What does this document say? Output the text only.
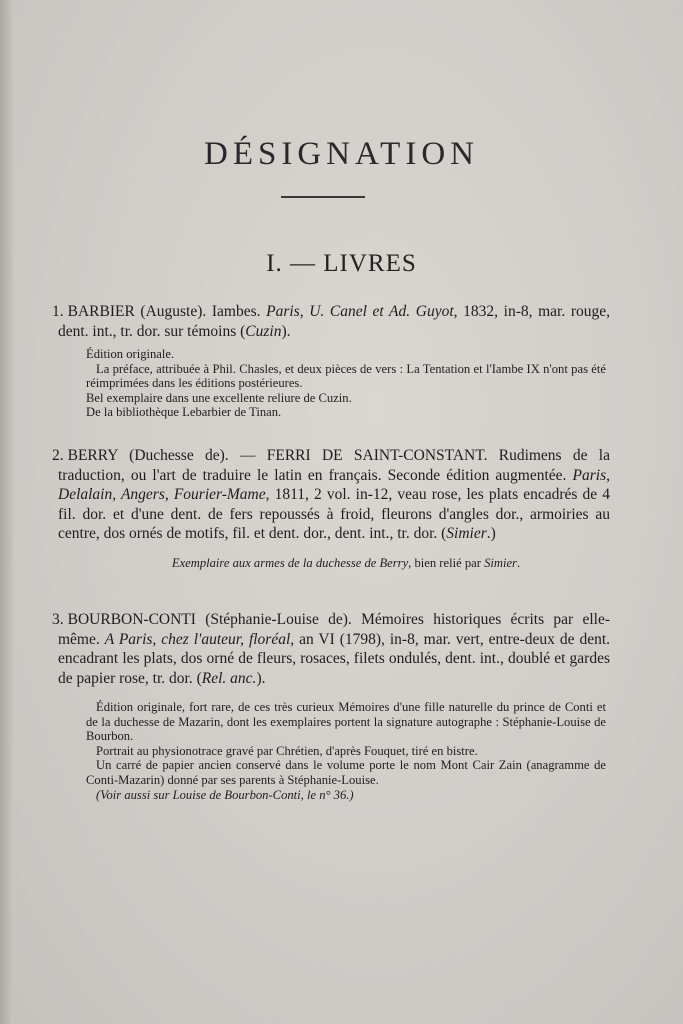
DÉSIGNATION
I. — LIVRES

1. BARBIER (Auguste). Iambes. Paris, U. Canel et Ad. Guyot, 1832, in-8, mar. rouge, dent. int., tr. dor. sur témoins (Cuzin).

Édition originale.

La préface, attribuée à Phil. Chasles, et deux pièces de vers : La Tentation et l'Iambe IX n'ont pas été réimprimées dans les éditions postérieures.

Bel exemplaire dans une excellente reliure de Cuzin.

De la bibliothèque Lebarbier de Tinan.

2. BERRY (Duchesse de). — FERRI DE SAINT-CONSTANT. Rudimens de la traduction, ou l'art de traduire le latin en français. Seconde édition augmentée. Paris, Delalain, Angers, Fourier-Mame, 1811, 2 vol. in-12, veau rose, les plats encadrés de 4 fil. dor. et d'une dent. de fers repoussés à froid, fleurons d'angles dor., armoiries au centre, dos ornés de motifs, fil. et dent. dor., dent. int., tr. dor. (Simier.)

Exemplaire aux armes de la duchesse de Berry, bien relié par Simier.

3. BOURBON-CONTI (Stéphanie-Louise de). Mémoires historiques écrits par elle-même. A Paris, chez l'auteur, floréal, an VI (1798), in-8, mar. vert, entre-deux de dent. encadrant les plats, dos orné de fleurs, rosaces, filets ondulés, dent. int., doublé et gardes de papier rose, tr. dor. (Rel. anc.).

Édition originale, fort rare, de ces très curieux Mémoires d'une fille naturelle du prince de Conti et de la duchesse de Mazarin, dont les exemplaires portent la signature autographe : Stéphanie-Louise de Bourbon.

Portrait au physionotrace gravé par Chrétien, d'après Fouquet, tiré en bistre.

Un carré de papier ancien conservé dans le volume porte le nom Mont Cair Zain (anagramme de Conti-Mazarin) donné par ses parents à Stéphanie-Louise.

(Voir aussi sur Louise de Bourbon-Conti, le n° 36.)
